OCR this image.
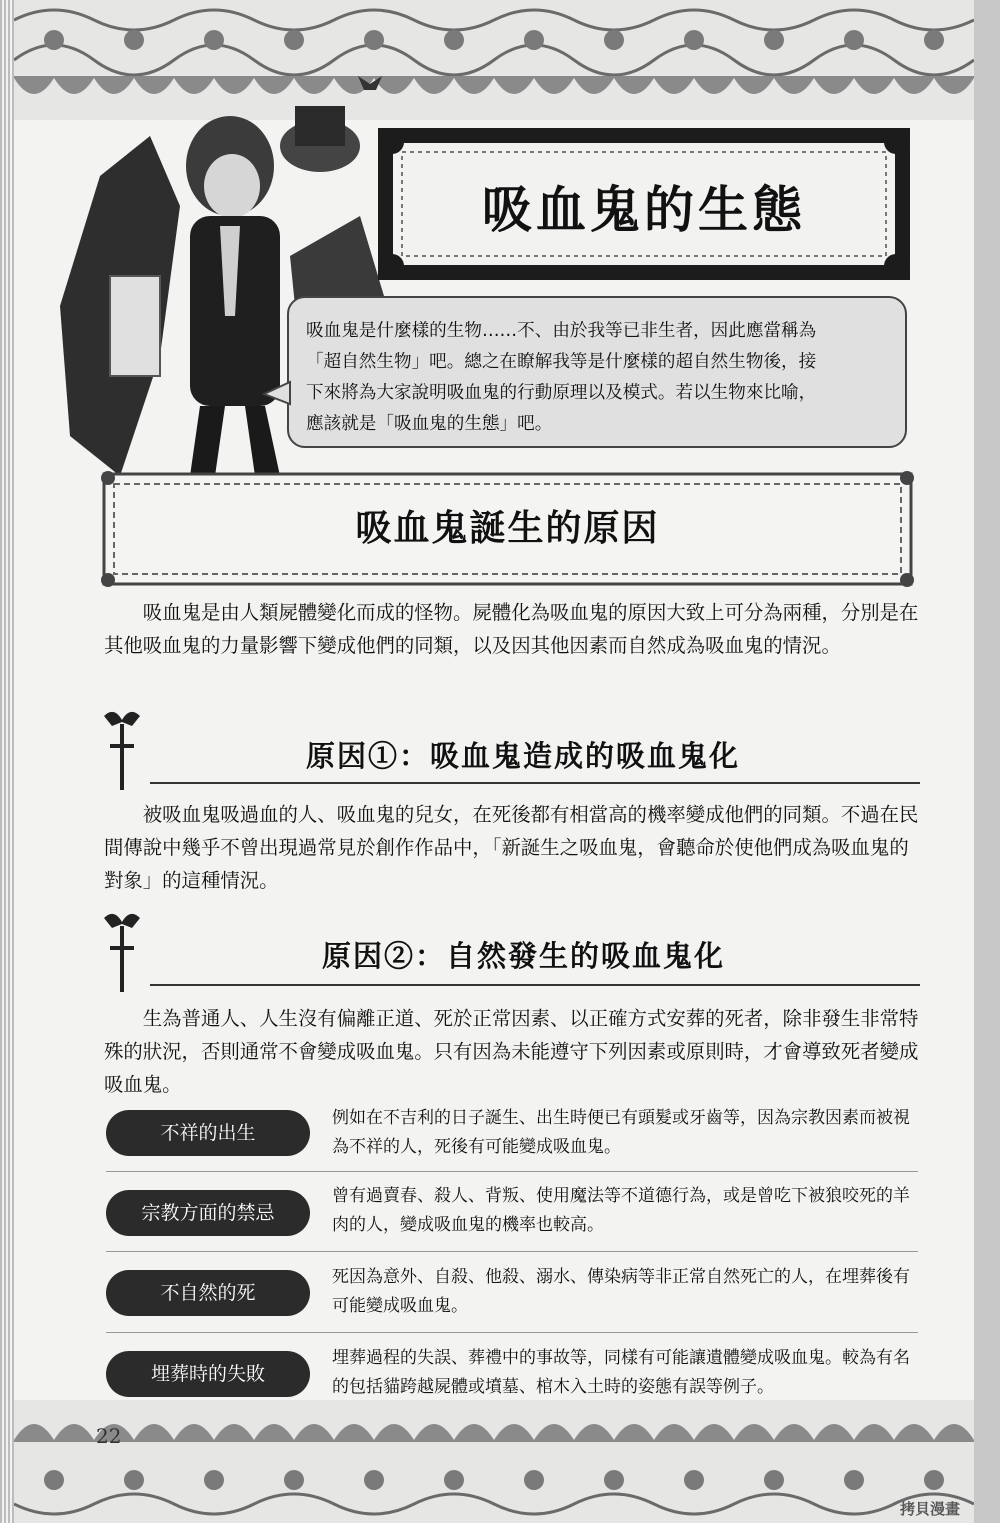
吸血鬼的生態
吸血鬼是什麼樣的生物……不、由於我等已非生者，因此應當稱為
「超自然生物」吧。總之在瞭解我等是什麼樣的超自然生物後，接
下來將為大家說明吸血鬼的行動原理以及模式。若以生物來比喻，
應該就是「吸血鬼的生態」吧。
吸血鬼誕生的原因
吸血鬼是由人類屍體變化而成的怪物。屍體化為吸血鬼的原因大致上可分為兩種，分別是在其他吸血鬼的力量影響下變成他們的同類，以及因其他因素而自然成為吸血鬼的情況。
原因①：吸血鬼造成的吸血鬼化
被吸血鬼吸過血的人、吸血鬼的兒女，在死後都有相當高的機率變成他們的同類。不過在民間傳說中幾乎不曾出現過常見於創作作品中，「新誕生之吸血鬼，會聽命於使他們成為吸血鬼的對象」的這種情況。
原因②：自然發生的吸血鬼化
生為普通人、人生沒有偏離正道、死於正常因素、以正確方式安葬的死者，除非發生非常特殊的狀況，否則通常不會變成吸血鬼。只有因為未能遵守下列因素或原則時，才會導致死者變成吸血鬼。
不祥的出生
例如在不吉利的日子誕生、出生時便已有頭髮或牙齒等，因為宗教因素而被視為不祥的人，死後有可能變成吸血鬼。
宗教方面的禁忌
曾有過賣春、殺人、背叛、使用魔法等不道德行為，或是曾吃下被狼咬死的羊肉的人，變成吸血鬼的機率也較高。
不自然的死
死因為意外、自殺、他殺、溺水、傳染病等非正常自然死亡的人，在埋葬後有可能變成吸血鬼。
埋葬時的失敗
埋葬過程的失誤、葬禮中的事故等，同樣有可能讓遺體變成吸血鬼。較為有名的包括貓跨越屍體或墳墓、棺木入土時的姿態有誤等例子。
22
拷貝漫畫
